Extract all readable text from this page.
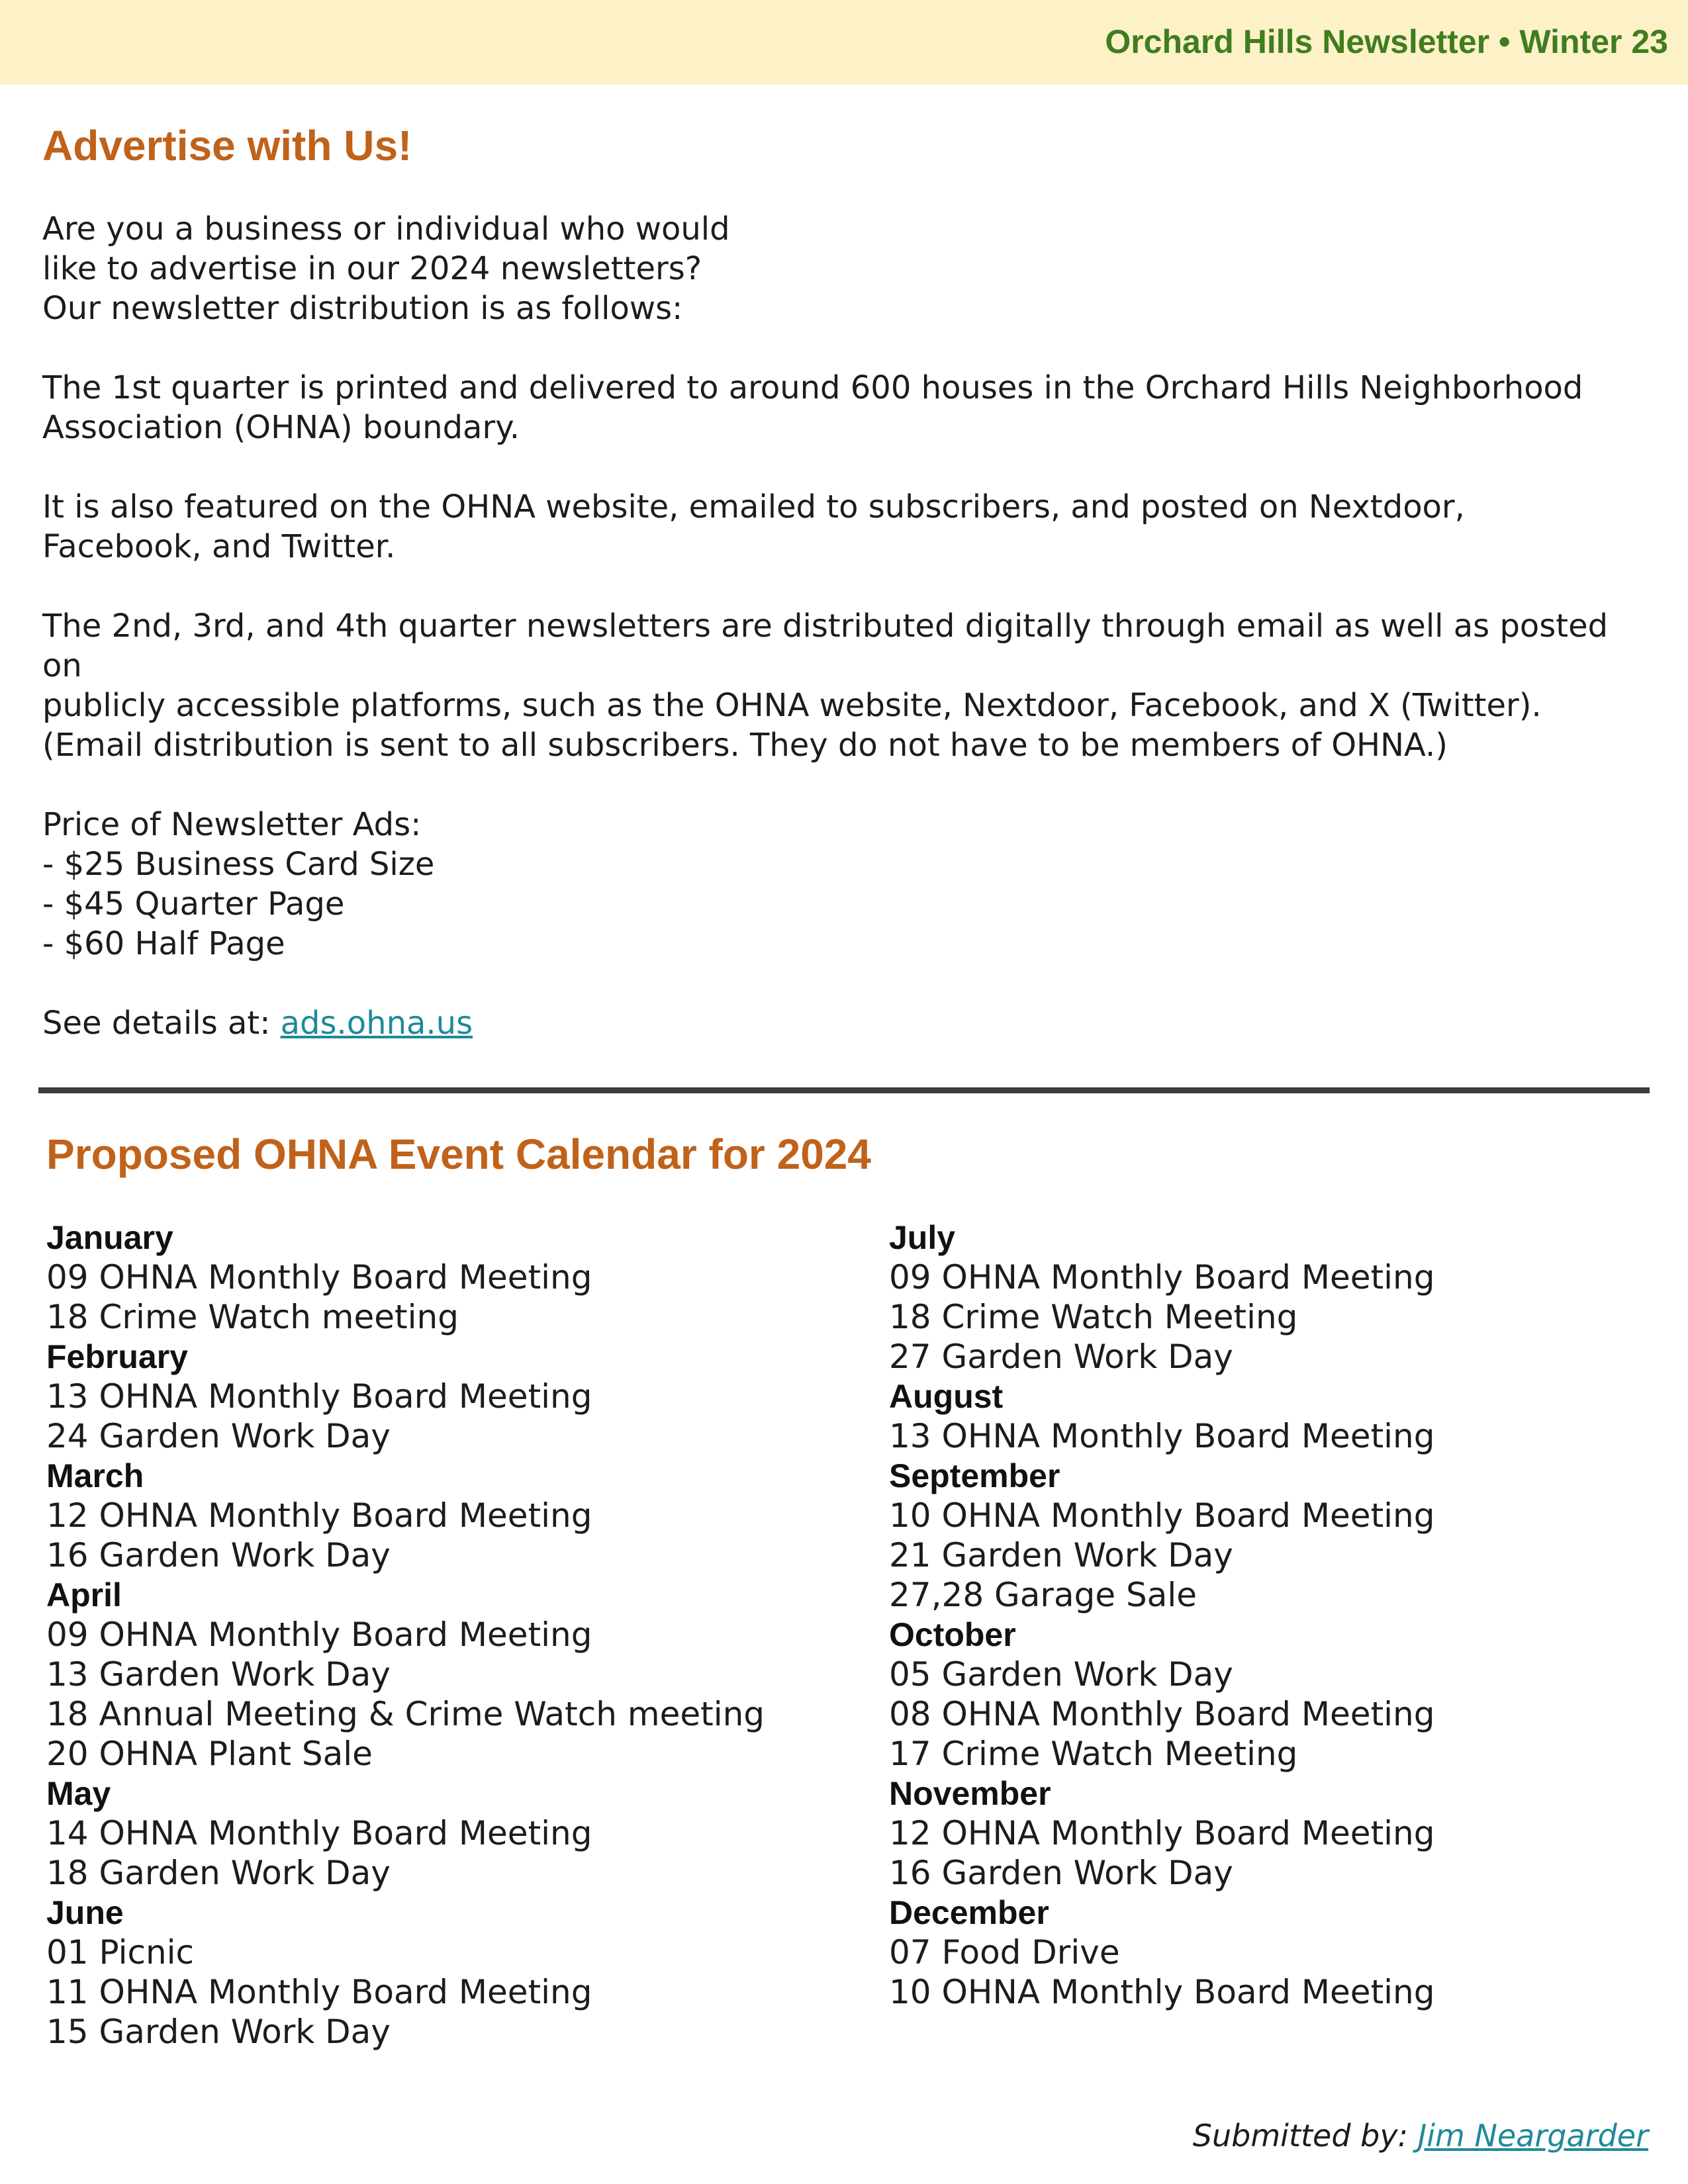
Orchard Hills Newsletter • Winter 23
Advertise with Us!

Are you a business or individual who would
like to advertise in our 2024 newsletters?
Our newsletter distribution is as follows:

The 1st quarter is printed and delivered to around 600 houses in the Orchard Hills Neighborhood
Association (OHNA) boundary.

It is also featured on the OHNA website, emailed to subscribers, and posted on Nextdoor,
Facebook, and Twitter.

The 2nd, 3rd, and 4th quarter newsletters are distributed digitally through email as well as posted on
publicly accessible platforms, such as the OHNA website, Nextdoor, Facebook, and X (Twitter).
(Email distribution is sent to all subscribers. They do not have to be members of OHNA.)

Price of Newsletter Ads:
- $25 Business Card Size
- $45 Quarter Page
- $60 Half Page

See details at: ads.ohna.us

Proposed OHNA Event Calendar for 2024
January
09 OHNA Monthly Board Meeting
18 Crime Watch meeting
February
13 OHNA Monthly Board Meeting
24 Garden Work Day
March
12 OHNA Monthly Board Meeting
16 Garden Work Day
April
09 OHNA Monthly Board Meeting
13 Garden Work Day
18 Annual Meeting & Crime Watch meeting
20 OHNA Plant Sale
May
14 OHNA Monthly Board Meeting
18 Garden Work Day
June
01 Picnic
11 OHNA Monthly Board Meeting
15 Garden Work Day
July
09 OHNA Monthly Board Meeting
18 Crime Watch Meeting
27 Garden Work Day
August
13 OHNA Monthly Board Meeting
September
10 OHNA Monthly Board Meeting
21 Garden Work Day
27,28 Garage Sale
October
05 Garden Work Day
08 OHNA Monthly Board Meeting
17 Crime Watch Meeting
November
12 OHNA Monthly Board Meeting
16 Garden Work Day
December
07 Food Drive
10 OHNA Monthly Board Meeting
Submitted by: Jim Neargarder
